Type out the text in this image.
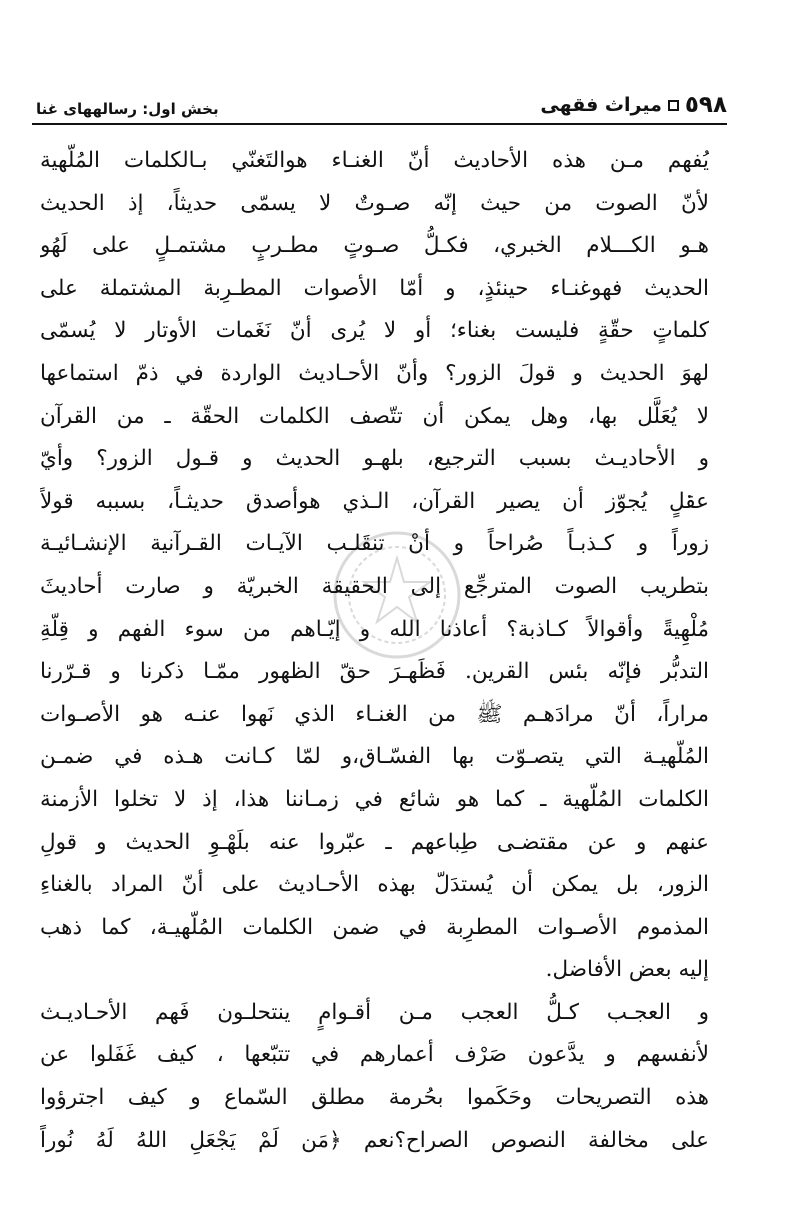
٥٩٨
میراث فقهی
بخش اول: رسالههای غنا
يُفهم مـن هذه الأحاديث أنّ الغنـاء هوالتَغنّي بـالكلمات المُلّهية
لأنّ الصوت من حيث إنّه صـوتٌ لا يسمّى حديثاً، إذ الحديث
هـو الكـــلام الخبري، فكـلُّ صـوتٍ مطـربٍ مشتمـلٍ على لَهُو
الحديث فهوغنـاء حينئذٍ، و أمّا الأصوات المطـرِبة المشتملة على
كلماتٍ حقّةٍ فليست بغناء؛ أو لا يُرى أنّ نَغَمات الأوتار لا يُسمّى
لهوَ الحديث و قولَ الزور؟ وأنّ الأحـاديث الواردة في ذمّ استماعها
لا يُعَلَّل بها، وهل يمكن أن تتّصف الكلمات الحقّة ـ من القرآن
و الأحاديـث بسبب الترجيع، بلهـو الحديث و قـول الزور؟ وأيّ
عقلٍ يُجوّز أن يصير القرآن، الـذي هوأصدق حديثـاً، بسببه قولاً
زوراً و كـذبـاً صُراحاً و أنْ تنقَلـب الآيـات القـرآنية الإنشـائيـة
بتطريب الصوت المترجِّع إلى الحقيقة الخبريّة و صارت أحاديثَ
مُلْهِيةً وأقوالاً كـاذبة؟ أعاذنا الله و إيّـاهم من سوء الفهم و قِلّةِ
التدبُّر فإنّه بئس القرين. فَظَهـرَ حقّ الظهور ممّـا ذكرنا و قـرّرنا
مراراً، أنّ مرادَهـم ﷺ من الغنـاء الذي نَهوا عنـه هو الأصـوات
المُلّهيـة التي يتصـوّت بها الفسّـاق،و لمّا كـانت هـذه في ضمـن
الكلمات المُلّهية ـ كما هو شائع في زمـاننا هذا، إذ لا تخلوا الأزمنة
عنهم و عن مقتضـى طِباعهم ـ عبّروا عنه بلَهْـوِ الحديث و قولِ
الزور، بل يمكن أن يُستدَلّ بهذه الأحـاديث على أنّ المراد بالغناءِ
المذموم الأصـوات المطرِبة في ضمن الكلمات المُلّهيـة، كما ذهب
إليه بعض الأفاضل.
و العجـب كـلُّ العجب مـن أقـوامٍ ينتحلـون فَهم الأحـاديـث
لأنفسهم و يدَّعون صَرْف أعمارهم في تتبّعها ، كيف غَفَلوا عن
هذه التصريحات وحَكَموا بحُرمة مطلق السّماع و كيف اجترؤوا
على مخالفة النصوص الصراح؟نعم ﴿مَن لَمْ يَجْعَلِ اللهُ لَهُ نُوراً
